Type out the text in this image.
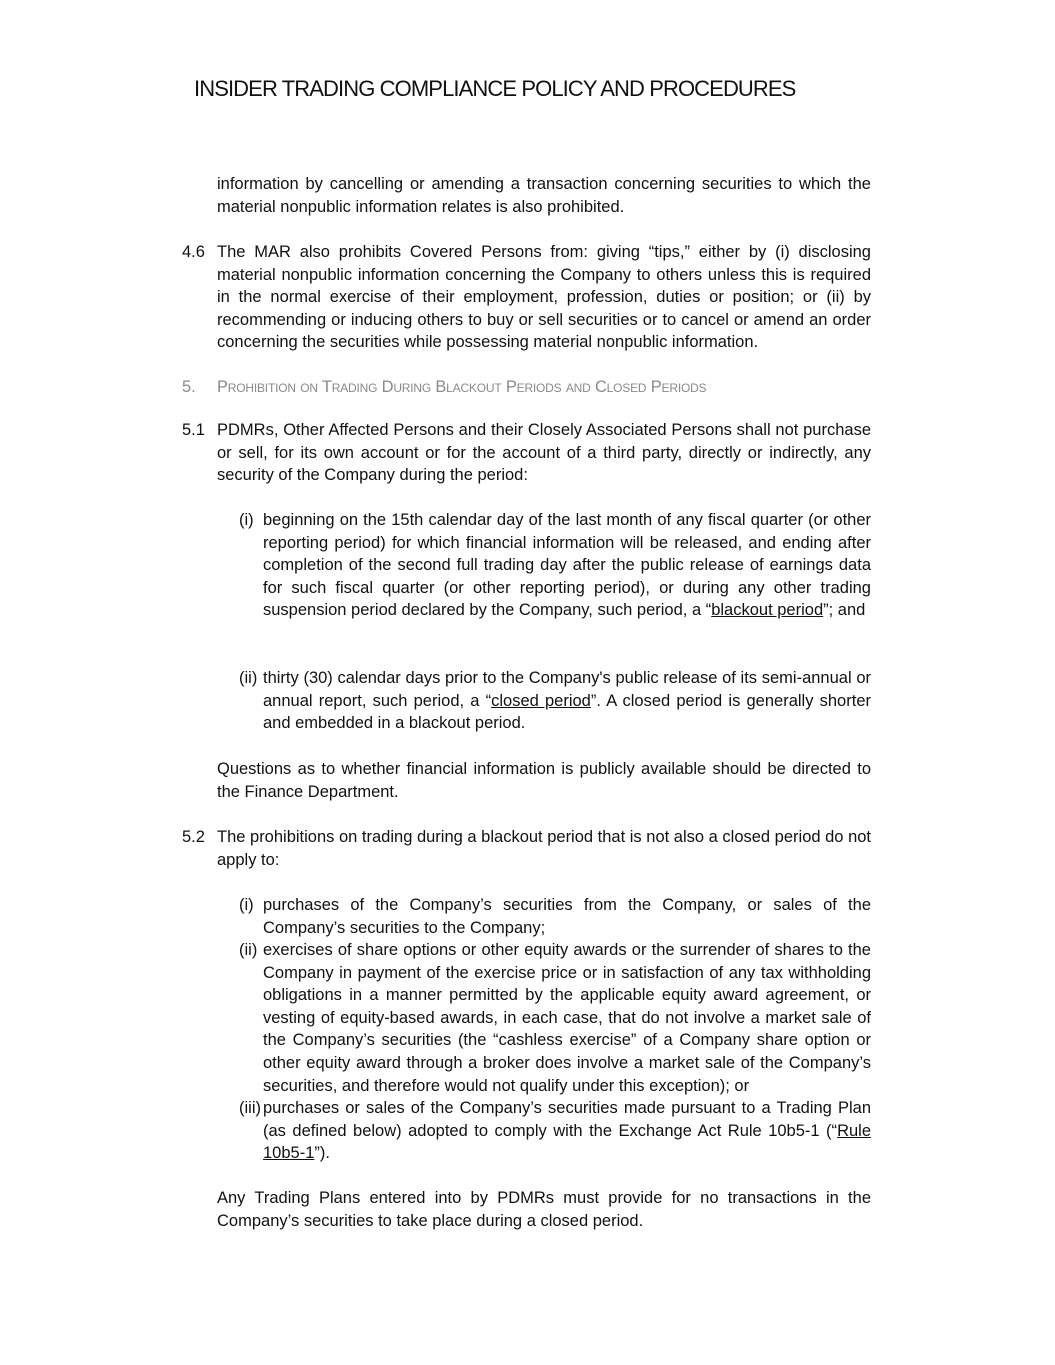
INSIDER TRADING COMPLIANCE POLICY AND PROCEDURES

information by cancelling or amending a transaction concerning securities to which the material nonpublic information relates is also prohibited.

4.6 The MAR also prohibits Covered Persons from: giving “tips,” either by (i) disclosing material nonpublic information concerning the Company to others unless this is required in the normal exercise of their employment, profession, duties or position; or (ii) by recommending or inducing others to buy or sell securities or to cancel or amend an order concerning the securities while possessing material nonpublic information.

5. Prohibition on Trading During Blackout Periods and Closed Periods
5.1 PDMRs, Other Affected Persons and their Closely Associated Persons shall not purchase or sell, for its own account or for the account of a third party, directly or indirectly, any security of the Company during the period:

(i) beginning on the 15th calendar day of the last month of any fiscal quarter (or other reporting period) for which financial information will be released, and ending after completion of the second full trading day after the public release of earnings data for such fiscal quarter (or other reporting period), or during any other trading suspension period declared by the Company, such period, a “blackout period”; and

(ii) thirty (30) calendar days prior to the Company's public release of its semi-annual or annual report, such period, a “closed period”. A closed period is generally shorter and embedded in a blackout period.

Questions as to whether financial information is publicly available should be directed to the Finance Department.

5.2 The prohibitions on trading during a blackout period that is not also a closed period do not apply to:

(i) purchases of the Company’s securities from the Company, or sales of the Company’s securities to the Company;

(ii) exercises of share options or other equity awards or the surrender of shares to the Company in payment of the exercise price or in satisfaction of any tax withholding obligations in a manner permitted by the applicable equity award agreement, or vesting of equity-based awards, in each case, that do not involve a market sale of the Company’s securities (the “cashless exercise” of a Company share option or other equity award through a broker does involve a market sale of the Company’s securities, and therefore would not qualify under this exception); or

(iii) purchases or sales of the Company’s securities made pursuant to a Trading Plan (as defined below) adopted to comply with the Exchange Act Rule 10b5-1 (“Rule 10b5-1”).

Any Trading Plans entered into by PDMRs must provide for no transactions in the Company’s securities to take place during a closed period.
